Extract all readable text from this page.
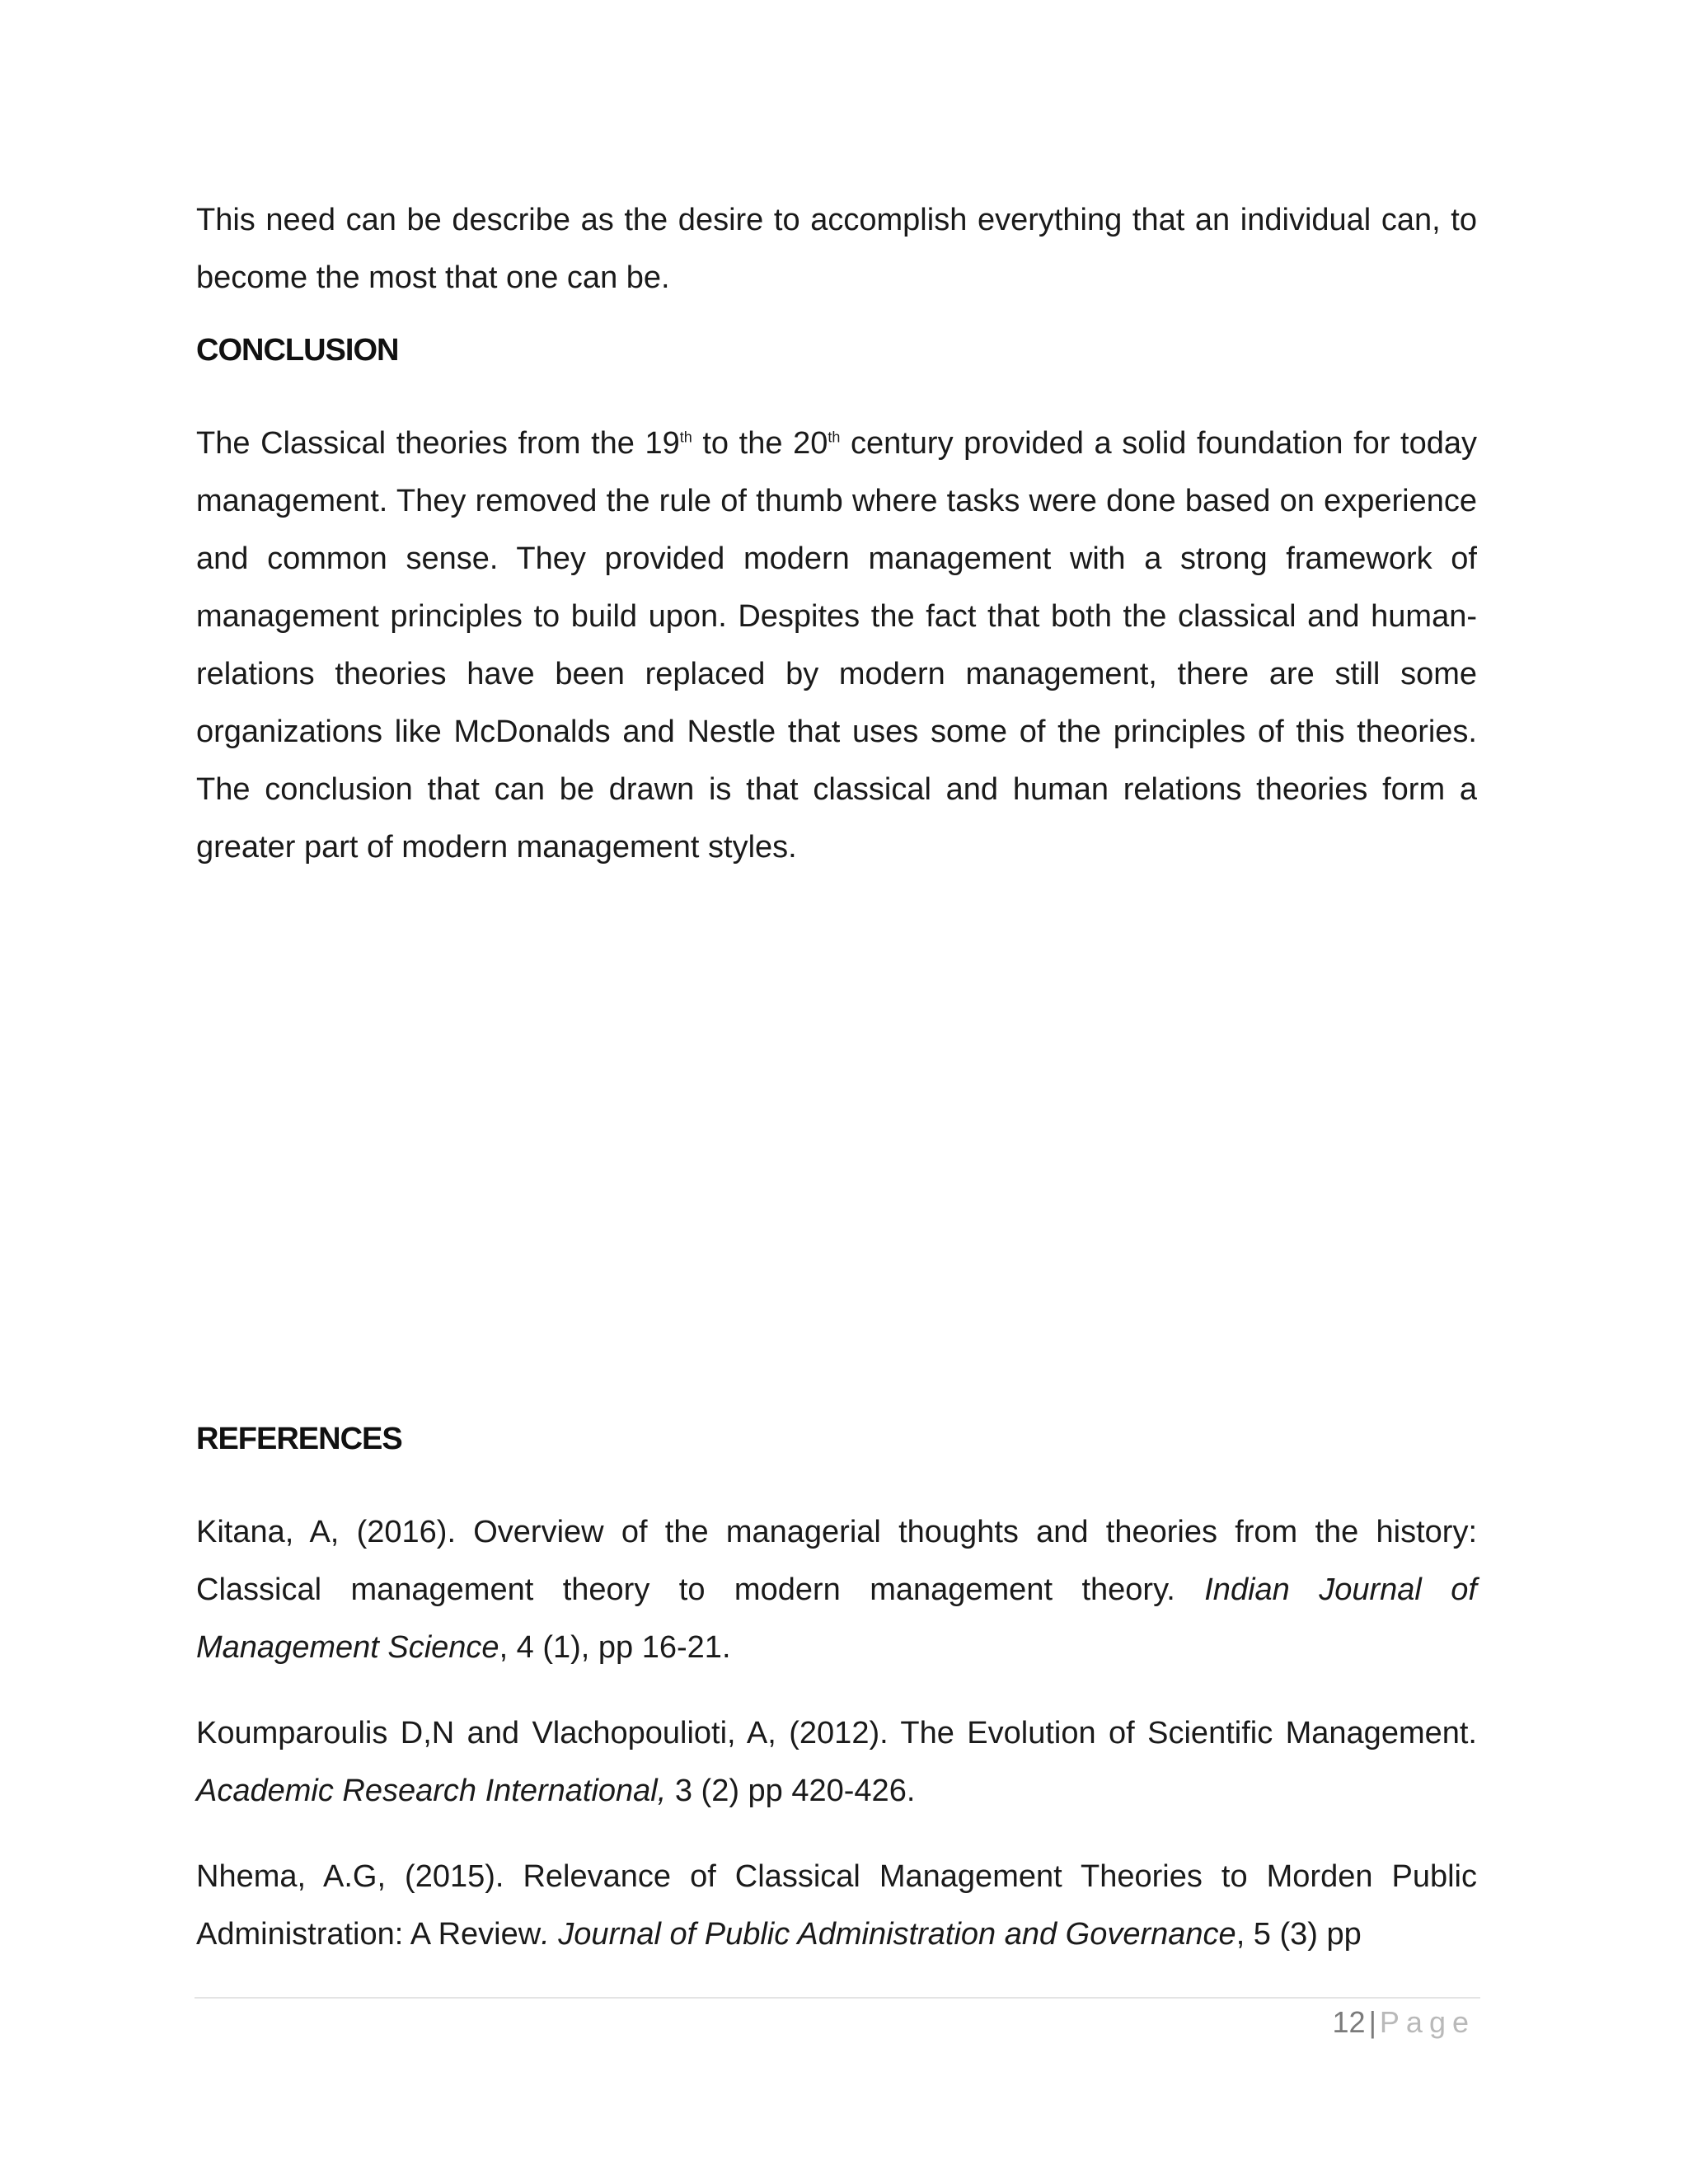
This need can be describe as the desire to accomplish everything that an individual can, to become the most that one can be.

CONCLUSION

The Classical theories from the 19th to the 20th century provided a solid foundation for today management. They removed the rule of thumb where tasks were done based on experience and common sense. They provided modern management with a strong framework of management principles to build upon. Despites the fact that both the classical and human-relations theories have been replaced by modern management, there are still some organizations like McDonalds and Nestle that uses some of the principles of this theories. The conclusion that can be drawn is that classical and human relations theories form a greater part of modern management styles.

REFERENCES

Kitana, A, (2016). Overview of the managerial thoughts and theories from the history: Classical management theory to modern management theory. Indian Journal of Management Science, 4 (1), pp 16-21.

Koumparoulis D,N and Vlachopoulioti, A, (2012). The Evolution of Scientific Management. Academic Research International, 3 (2) pp 420-426.

Nhema, A.G, (2015). Relevance of Classical Management Theories to Morden Public Administration: A Review. Journal of Public Administration and Governance, 5 (3) pp

12 | Page
